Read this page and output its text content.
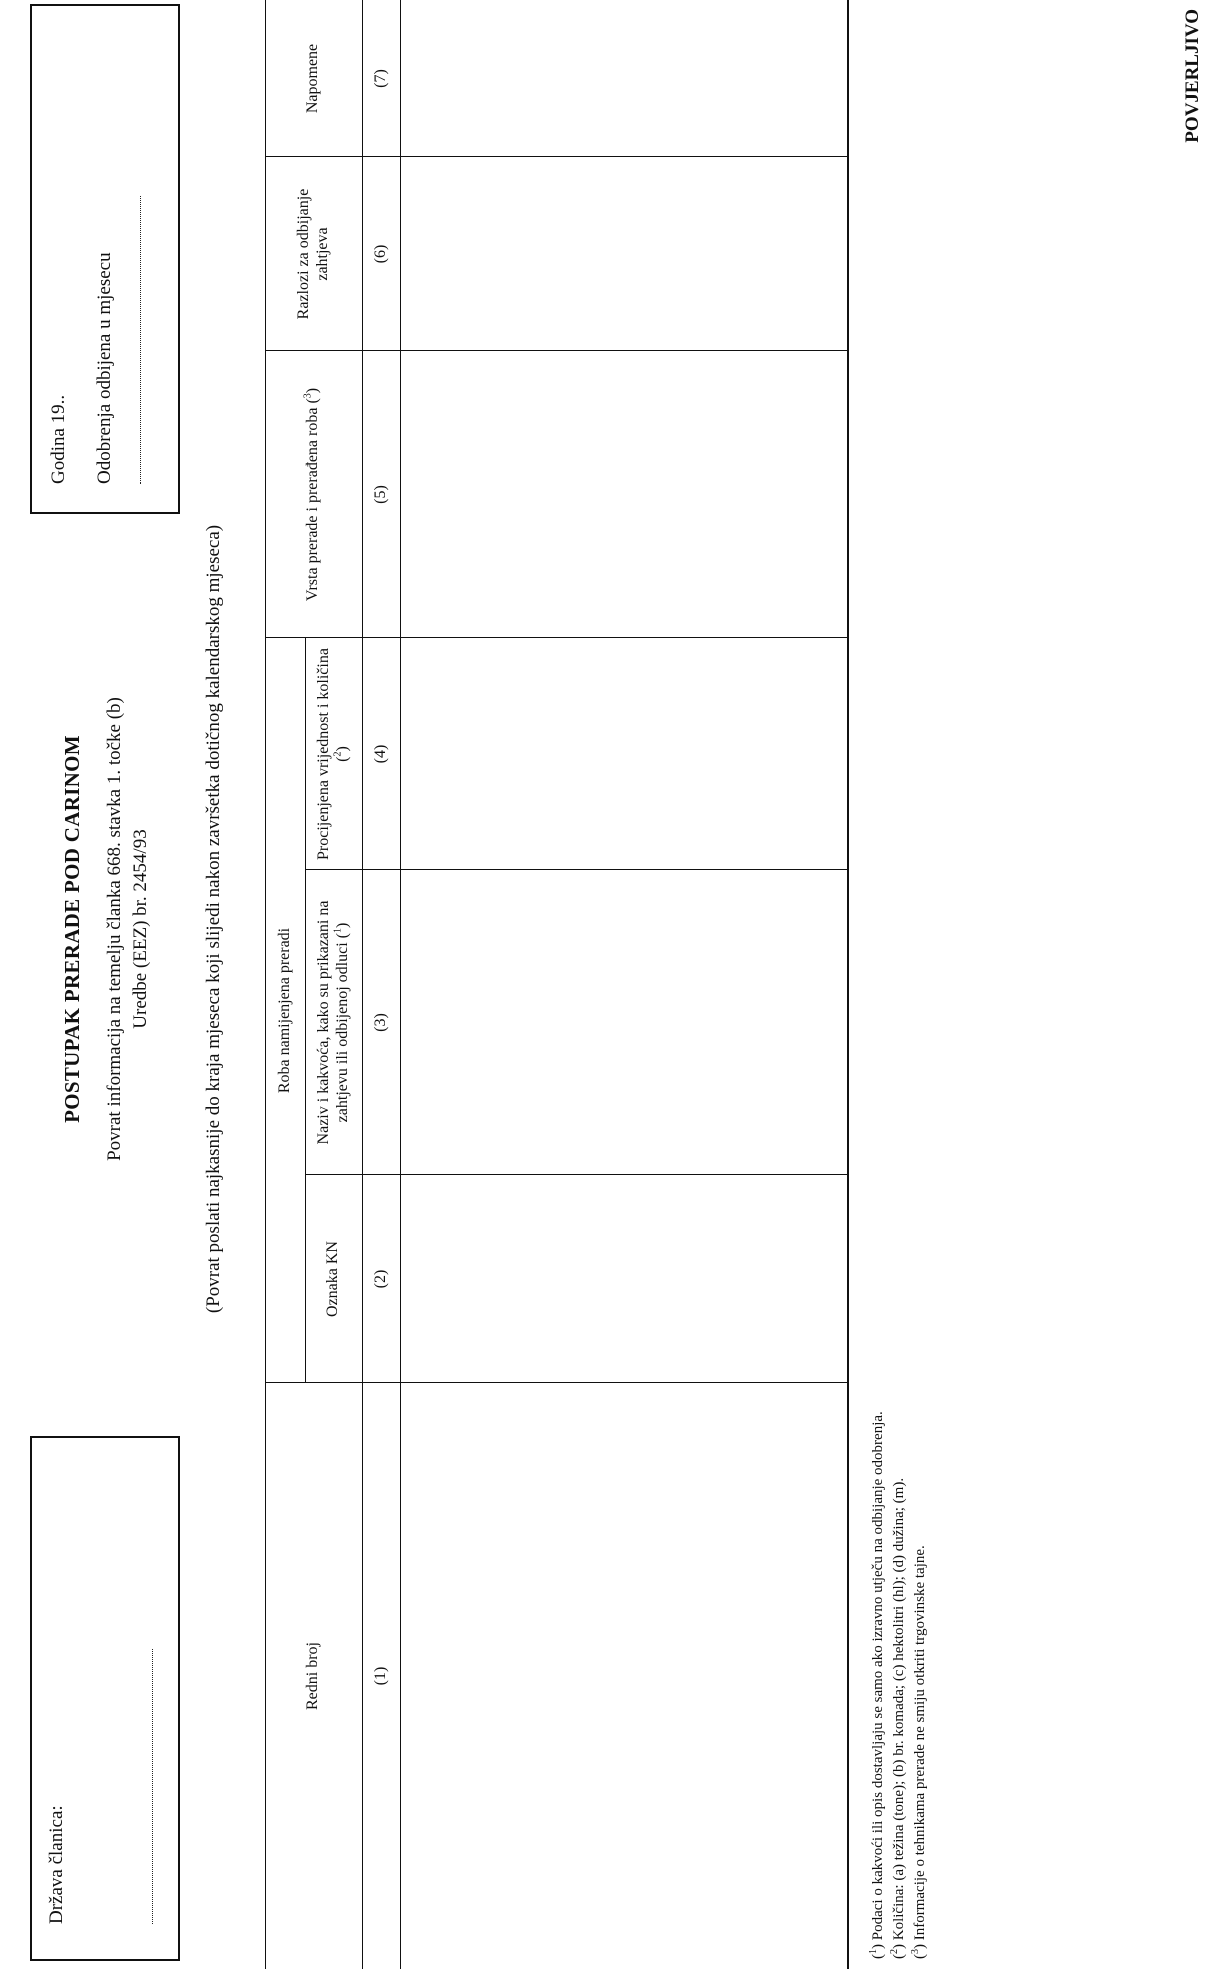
POVJERLJIVO
Država članica:
POSTUPAK PRERADE POD CARINOM Povrat informacija na temelju članka 668. stavka 1. točke (b) Uredbe (EEZ) br. 2454/93
Godina 19.. Odobrenja odbijena u mjesecu
(Povrat poslati najkasnije do kraja mjeseca koji slijedi nakon završetka dotičnog kalendarskog mjeseca)	Roba namijenjena preradi
Redni broj
Oznaka KN
Naziv i kakvoća, kako su prikazani na zahtjevu ili odbijenoj odluci ($^1$)
Procijenjena vrijednost i količina ($^2$)
Vrsta prerade i prerađena roba ($^3$)
Razlozi za odbijanje zahtjeva
Napomene
(1)
(2)
(3)
(4)
(5)
(6)
(7)
($^1$) Podaci o kakvoći ili opis dostavljaju se samo ako izravno utječu na odbijanje odobrenja.
($^2$) Količina: (a) težina (tone); (b) br. komada; (c) hektolitri (hl); (d) dužina; (m).
($^3$) Informacije o tehnikama prerade ne smiju otkriti trgovinske tajne.
